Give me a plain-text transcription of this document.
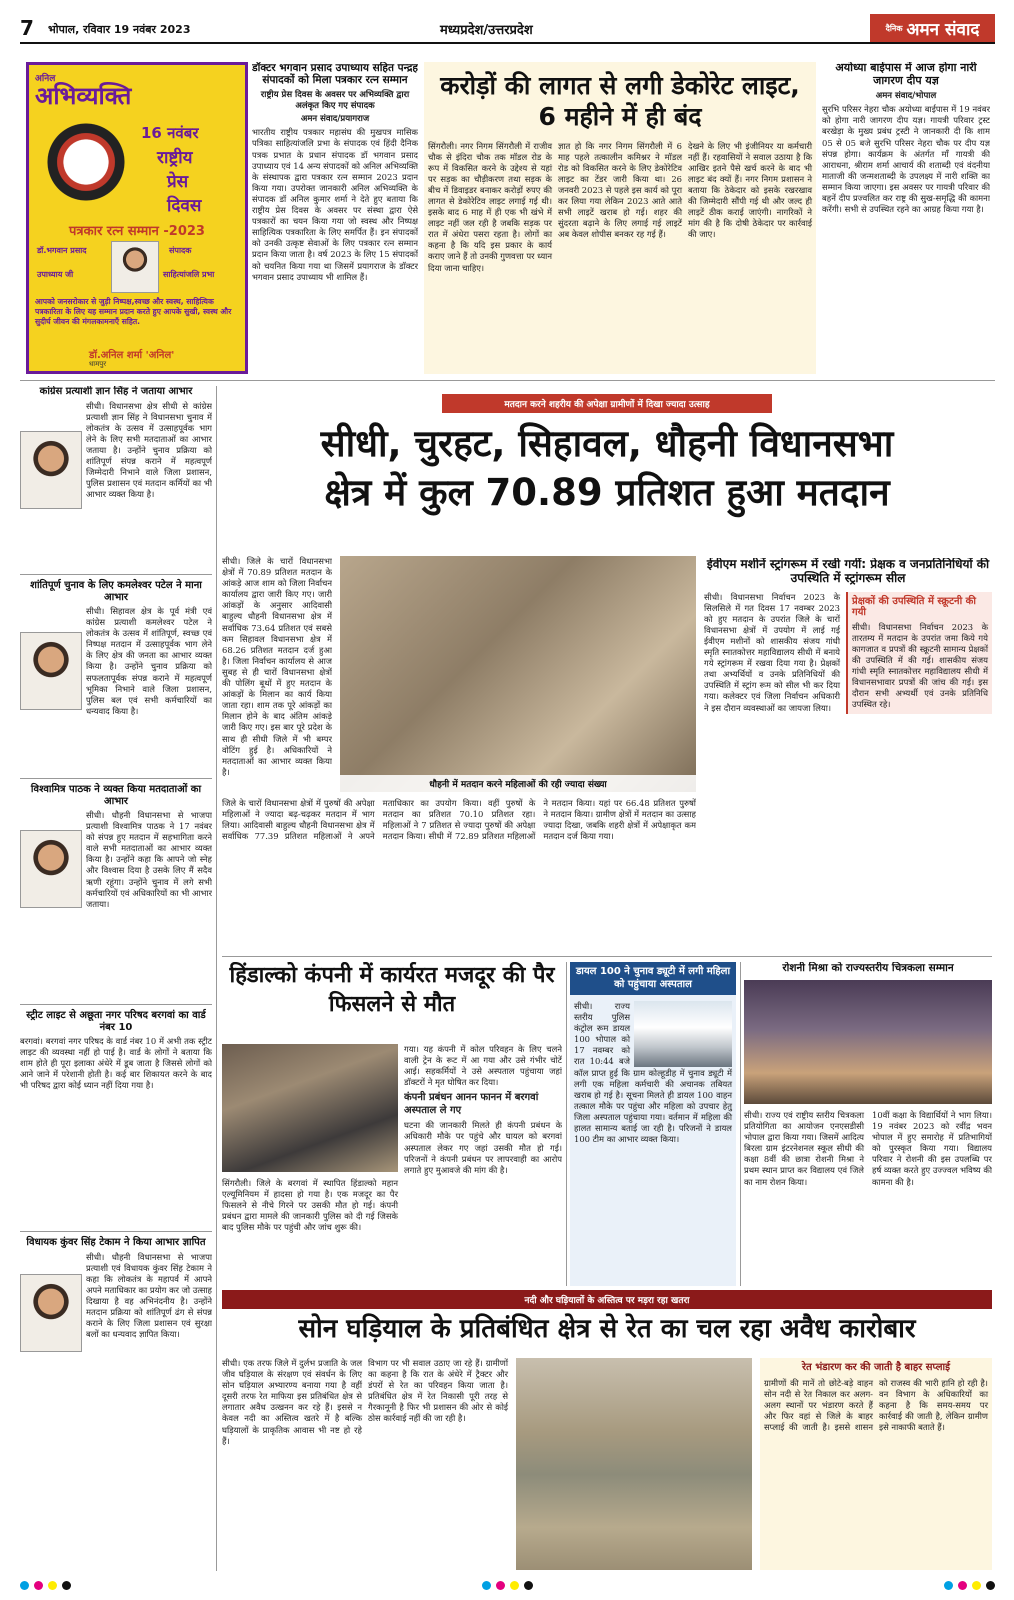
7 भोपाल, रविवार 19 नवंबर 2023	मध्यप्रदेश/उत्तरप्रदेश	दैनिक अमन संवाद
अनिल
अभिव्यक्ति
16 नवंबर
राष्ट्रीय
प्रेस
दिवस
पत्रकार रत्न सम्मान -2023
डॉ.भगवान प्रसाद
उपाध्याय जी
संपादक
साहित्यांजलि प्रभा
आपको जनसरोकार से जुड़ी निष्पक्ष,स्वच्छ और स्वस्थ, साहित्यिक पत्रकारिता के लिए यह सम्मान प्रदान करते हुए आपके सुखी, स्वस्थ और सुदीर्घ जीवन की मंगलकामनाएँ सहित.
डॉ.अनिल शर्मा 'अनिल'
धामपुर
डॉक्टर भगवान प्रसाद उपाध्याय सहित पन्द्रह संपादकों को मिला पत्रकार रत्न सम्मान
राष्ट्रीय प्रेस दिवस के अवसर पर अभिव्यक्ति द्वारा अलंकृत किए गए संपादक
अमन संवाद/प्रयागराज
भारतीय राष्ट्रीय पत्रकार महासंघ की मुखपत्र मासिक पत्रिका साहित्यांजलि प्रभा के संपादक एवं हिंदी दैनिक पत्रक प्रभात के प्रधान संपादक डॉ भगवान प्रसाद उपाध्याय एवं 14 अन्य संपादकों को अनिल अभिव्यक्ति के संस्थापक द्वारा पत्रकार रत्न सम्मान 2023 प्रदान किया गया। उपरोक्त जानकारी अनिल अभिव्यक्ति के संपादक डॉ अनिल कुमार शर्मा ने देते हुए बताया कि राष्ट्रीय प्रेस दिवस के अवसर पर संस्था द्वारा ऐसे पत्रकारों का चयन किया गया जो स्वस्थ और निष्पक्ष साहित्यिक पत्रकारिता के लिए समर्पित हैं। इन संपादकों को उनकी उत्कृष्ट सेवाओं के लिए पत्रकार रत्न सम्मान प्रदान किया जाता है। वर्ष 2023 के लिए 15 संपादकों को चयनित किया गया था जिसमें प्रयागराज के डॉक्टर भगवान प्रसाद उपाध्याय भी शामिल हैं।
करोड़ों की लागत से लगी डेकोरेट लाइट, 6 महीने में ही बंद
सिंगरौली। नगर निगम सिंगरौली में राजीव चौक से इंदिरा चौक तक मॉडल रोड के रूप में विकसित करने के उद्देश्य से यहां पर सड़क का चौड़ीकरण तथा सड़क के बीच में डिवाइडर बनाकर करोड़ों रुपए की लागत से डेकोरेटिव लाइट लगाई गई थी। इसके बाद 6 माह में ही एक भी खंभे में लाइट नहीं जल रही है जबकि सड़क पर रात में अंधेरा पसरा रहता है। लोगों का कहना है कि यदि इस प्रकार के कार्य कराए जाने हैं तो उनकी गुणवत्ता पर ध्यान दिया जाना चाहिए।
ज्ञात हो कि नगर निगम सिंगरौली में 6 माह पहले तत्कालीन कमिश्नर ने मॉडल रोड को विकसित करने के लिए डेकोरेटिव लाइट का टेंडर जारी किया था। 26 जनवरी 2023 से पहले इस कार्य को पूरा कर लिया गया लेकिन 2023 आते आते सभी लाइटें खराब हो गई। शहर की सुंदरता बढ़ाने के लिए लगाई गई लाइटें अब केवल शोपीस बनकर रह गई हैं।
देखने के लिए भी इंजीनियर या कर्मचारी नहीं हैं। रहवासियों ने सवाल उठाया है कि आखिर इतने पैसे खर्च करने के बाद भी लाइट बंद क्यों हैं। नगर निगम प्रशासन ने बताया कि ठेकेदार को इसके रखरखाव की जिम्मेदारी सौंपी गई थी और जल्द ही लाइटें ठीक कराई जाएंगी। नागरिकों ने मांग की है कि दोषी ठेकेदार पर कार्रवाई की जाए।
अयोध्या बाईपास में आज होगा नारी जागरण दीप यज्ञ
अमन संवाद/भोपाल
सुरभि परिसर नेहरा चौक अयोध्या बाईपास में 19 नवंबर को होगा नारी जागरण दीप यज्ञ। गायत्री परिवार ट्रस्ट बरखेड़ा के मुख्य प्रबंध ट्रस्टी ने जानकारी दी कि शाम 05 से 05 बजे सुरभि परिसर नेहरा चौक पर दीप यज्ञ संपन्न होगा। कार्यक्रम के अंतर्गत माँ गायत्री की आराधना, श्रीराम शर्मा आचार्य की शताब्दी एवं वंदनीया माताजी की जन्मशताब्दी के उपलक्ष्य में नारी शक्ति का सम्मान किया जाएगा। इस अवसर पर गायत्री परिवार की बहनें दीप प्रज्वलित कर राष्ट्र की सुख-समृद्धि की कामना करेंगी। सभी से उपस्थित रहने का आग्रह किया गया है।
कांग्रेस प्रत्याशी ज्ञान सिंह ने जताया आभार
सीधी। विधानसभा क्षेत्र सीधी से कांग्रेस प्रत्याशी ज्ञान सिंह ने विधानसभा चुनाव में लोकतंत्र के उत्सव में उत्साहपूर्वक भाग लेने के लिए सभी मतदाताओं का आभार जताया है। उन्होंने चुनाव प्रक्रिया को शांतिपूर्ण संपन्न कराने में महत्वपूर्ण जिम्मेदारी निभाने वाले जिला प्रशासन, पुलिस प्रशासन एवं मतदान कर्मियों का भी आभार व्यक्त किया है।
शांतिपूर्ण चुनाव के लिए कमलेश्वर पटेल ने माना आभार
सीधी। सिहावल क्षेत्र के पूर्व मंत्री एवं कांग्रेस प्रत्याशी कमलेश्वर पटेल ने लोकतंत्र के उत्सव में शांतिपूर्ण, स्वच्छ एवं निष्पक्ष मतदान में उत्साहपूर्वक भाग लेने के लिए क्षेत्र की जनता का आभार व्यक्त किया है। उन्होंने चुनाव प्रक्रिया को सफलतापूर्वक संपन्न कराने में महत्वपूर्ण भूमिका निभाने वाले जिला प्रशासन, पुलिस बल एवं सभी कर्मचारियों का धन्यवाद किया है।
विश्वामित्र पाठक ने व्यक्त किया मतदाताओं का आभार
सीधी। धौहनी विधानसभा से भाजपा प्रत्याशी विश्वामित्र पाठक ने 17 नवंबर को संपन्न हुए मतदान में सहभागिता करने वाले सभी मतदाताओं का आभार व्यक्त किया है। उन्होंने कहा कि आपने जो स्नेह और विश्वास दिया है उसके लिए मैं सदैव ऋणी रहूंगा। उन्होंने चुनाव में लगे सभी कर्मचारियों एवं अधिकारियों का भी आभार जताया।
स्ट्रीट लाइट से अछूता नगर परिषद बरगवां का वार्ड नंबर 10
बरगवां। बरगवां नगर परिषद के वार्ड नंबर 10 में अभी तक स्ट्रीट लाइट की व्यवस्था नहीं हो पाई है। वार्ड के लोगों ने बताया कि शाम होते ही पूरा इलाका अंधेरे में डूब जाता है जिससे लोगों को आने जाने में परेशानी होती है। कई बार शिकायत करने के बाद भी परिषद द्वारा कोई ध्यान नहीं दिया गया है।
विधायक कुंवर सिंह टेकाम ने किया आभार ज्ञापित
सीधी। धौहनी विधानसभा से भाजपा प्रत्याशी एवं विधायक कुंवर सिंह टेकाम ने कहा कि लोकतंत्र के महापर्व में आपने अपने मताधिकार का प्रयोग कर जो उत्साह दिखाया है वह अभिनंदनीय है। उन्होंने मतदान प्रक्रिया को शांतिपूर्ण ढंग से संपन्न कराने के लिए जिला प्रशासन एवं सुरक्षा बलों का धन्यवाद ज्ञापित किया।
मतदान करने शहरीय की अपेक्षा ग्रामीणों में दिखा ज्यादा उत्साह
सीधी, चुरहट, सिहावल, धौहनी विधानसभा
क्षेत्र में कुल 70.89 प्रतिशत हुआ मतदान
सीधी। जिले के चारों विधानसभा क्षेत्रों में 70.89 प्रतिशत मतदान के आंकड़े आज शाम को जिला निर्वाचन कार्यालय द्वारा जारी किए गए। जारी आंकड़ों के अनुसार आदिवासी बाहुल्य धौहनी विधानसभा क्षेत्र में सर्वाधिक 73.64 प्रतिशत एवं सबसे कम सिहावल विधानसभा क्षेत्र में 68.26 प्रतिशत मतदान दर्ज हुआ है। जिला निर्वाचन कार्यालय से आज सुबह से ही चारों विधानसभा क्षेत्रों की पोलिंग बूथों में हुए मतदान के आंकड़ों के मिलान का कार्य किया जाता रहा। शाम तक पूरे आंकड़ों का मिलान होने के बाद अंतिम आंकड़े जारी किए गए। इस बार पूरे प्रदेश के साथ ही सीधी जिले में भी बम्पर वोटिंग हुई है। अधिकारियों ने मतदाताओं का आभार व्यक्त किया है।
धौहनी में मतदान करने महिलाओं की रही ज्यादा संख्या
जिले के चारों विधानसभा क्षेत्रों में पुरुषों की अपेक्षा महिलाओं ने ज्यादा बढ़-चढ़कर मतदान में भाग लिया। आदिवासी बाहुल्य धौहनी विधानसभा क्षेत्र में सर्वाधिक 77.39 प्रतिशत महिलाओं ने अपने मताधिकार का उपयोग किया। वहीं पुरुषों के मतदान का प्रतिशत 70.10 प्रतिशत रहा। महिलाओं ने 7 प्रतिशत से ज्यादा पुरुषों की अपेक्षा मतदान किया। सीधी में 72.89 प्रतिशत महिलाओं ने मतदान किया। यहां पर 66.48 प्रतिशत पुरुषों ने मतदान किया। ग्रामीण क्षेत्रों में मतदान का उत्साह ज्यादा दिखा, जबकि शहरी क्षेत्रों में अपेक्षाकृत कम मतदान दर्ज किया गया।
ईवीएम मशीनें स्ट्रांगरूम में रखी गयीं: प्रेक्षक व जनप्रतिनिधियों की उपस्थिति में स्ट्रांगरूम सील
सीधी। विधानसभा निर्वाचन 2023 के सिलसिले में गत दिवस 17 नवम्बर 2023 को हुए मतदान के उपरांत जिले के चारों विधानसभा क्षेत्रों में उपयोग में लाई गई ईवीएम मशीनों को शासकीय संजय गांधी स्मृति स्नातकोत्तर महाविद्यालय सीधी में बनाये गये स्ट्रांगरूम में रखवा दिया गया है। प्रेक्षकों तथा अभ्यर्थियों व उनके प्रतिनिधियों की उपस्थिति में स्ट्रांग रूम को सील भी कर दिया गया। कलेक्टर एवं जिला निर्वाचन अधिकारी ने इस दौरान व्यवस्थाओं का जायजा लिया।
प्रेक्षकों की उपस्थिति में स्क्रूटनी की गयी
सीधी। विधानसभा निर्वाचन 2023 के तारतम्य में मतदान के उपरांत जमा किये गये कागजात व प्रपत्रों की स्क्रूटनी सामान्य प्रेक्षकों की उपस्थिति में की गई। शासकीय संजय गांधी स्मृति स्नातकोत्तर महाविद्यालय सीधी में विधानसभावार प्रपत्रों की जांच की गई। इस दौरान सभी अभ्यर्थी एवं उनके प्रतिनिधि उपस्थित रहे।
हिंडाल्को कंपनी में कार्यरत मजदूर की पैर फिसलने से मौत
सिंगरौली। जिले के बरगवां में स्थापित हिंडाल्को महान एल्यूमिनियम में हादसा हो गया है। एक मजदूर का पैर फिसलने से नीचे गिरने पर उसकी मौत हो गई। कंपनी प्रबंधन द्वारा मामले की जानकारी पुलिस को दी गई जिसके बाद पुलिस मौके पर पहुंची और जांच शुरू की।
गया। यह कंपनी में कोल परिवहन के लिए चलने वाली ट्रेन के रूट में आ गया और उसे गंभीर चोटें आई। सहकर्मियों ने उसे अस्पताल पहुंचाया जहां डॉक्टरों ने मृत घोषित कर दिया।
कंपनी प्रबंधन आनन फानन में बरगवां अस्पताल ले गए
घटना की जानकारी मिलते ही कंपनी प्रबंधन के अधिकारी मौके पर पहुंचे और घायल को बरगवां अस्पताल लेकर गए जहां उसकी मौत हो गई। परिजनों ने कंपनी प्रबंधन पर लापरवाही का आरोप लगाते हुए मुआवजे की मांग की है।
डायल 100 ने चुनाव ड्यूटी में लगी महिला को पहुंचाया अस्पताल
सीधी। राज्य स्तरीय पुलिस कंट्रोल रूम डायल 100 भोपाल को 17 नवम्बर को रात 10:44 बजे कॉल प्राप्त हुई कि ग्राम कोल्हूडीह में चुनाव ड्यूटी में लगी एक महिला कर्मचारी की अचानक तबियत खराब हो गई है। सूचना मिलते ही डायल 100 वाहन तत्काल मौके पर पहुंचा और महिला को उपचार हेतु जिला अस्पताल पहुंचाया गया। वर्तमान में महिला की हालत सामान्य बताई जा रही है। परिजनों ने डायल 100 टीम का आभार व्यक्त किया।
रोशनी मिश्रा को राज्यस्तरीय चित्रकला सम्मान
सीधी। राज्य एवं राष्ट्रीय स्तरीय चित्रकला प्रतियोगिता का आयोजन एनएसडीसी भोपाल द्वारा किया गया। जिसमें आदित्य बिरला ग्राम इंटरनेशनल स्कूल सीधी की कक्षा 8वीं की छात्रा रोशनी मिश्रा ने प्रथम स्थान प्राप्त कर विद्यालय एवं जिले का नाम रोशन किया।
10वीं कक्षा के विद्यार्थियों ने भाग लिया। 19 नवंबर 2023 को रवींद्र भवन भोपाल में हुए समारोह में प्रतिभागियों को पुरस्कृत किया गया। विद्यालय परिवार ने रोशनी की इस उपलब्धि पर हर्ष व्यक्त करते हुए उज्ज्वल भविष्य की कामना की है।
नदी और घड़ियालों के अस्तित्व पर मड़रा रहा खतरा
सोन घड़ियाल के प्रतिबंधित क्षेत्र से रेत का चल रहा अवैध कारोबार
सीधी। एक तरफ जिले में दुर्लभ प्रजाति के जल जीव घड़ियाल के संरक्षण एवं संवर्धन के लिए सोन घड़ियाल अभ्यारण्य बनाया गया है वहीं दूसरी तरफ रेत माफिया इस प्रतिबंधित क्षेत्र से लगातार अवैध उत्खनन कर रहे हैं। इससे न केवल नदी का अस्तित्व खतरे में है बल्कि घड़ियालों के प्राकृतिक आवास भी नष्ट हो रहे हैं।
विभाग पर भी सवाल उठाए जा रहे हैं। ग्रामीणों का कहना है कि रात के अंधेरे में ट्रैक्टर और डंपरों से रेत का परिवहन किया जाता है। प्रतिबंधित क्षेत्र में रेत निकासी पूरी तरह से गैरकानूनी है फिर भी प्रशासन की ओर से कोई ठोस कार्रवाई नहीं की जा रही है।
रेत भंडारण कर की जाती है बाहर सप्लाई
ग्रामीणों की मानें तो छोटे-बड़े वाहन सोन नदी से रेत निकाल कर अलग-अलग स्थानों पर भंडारण करते हैं और फिर वहां से जिले के बाहर सप्लाई की जाती है। इससे शासन को राजस्व की भारी हानि हो रही है। वन विभाग के अधिकारियों का कहना है कि समय-समय पर कार्रवाई की जाती है, लेकिन ग्रामीण इसे नाकाफी बताते हैं।
